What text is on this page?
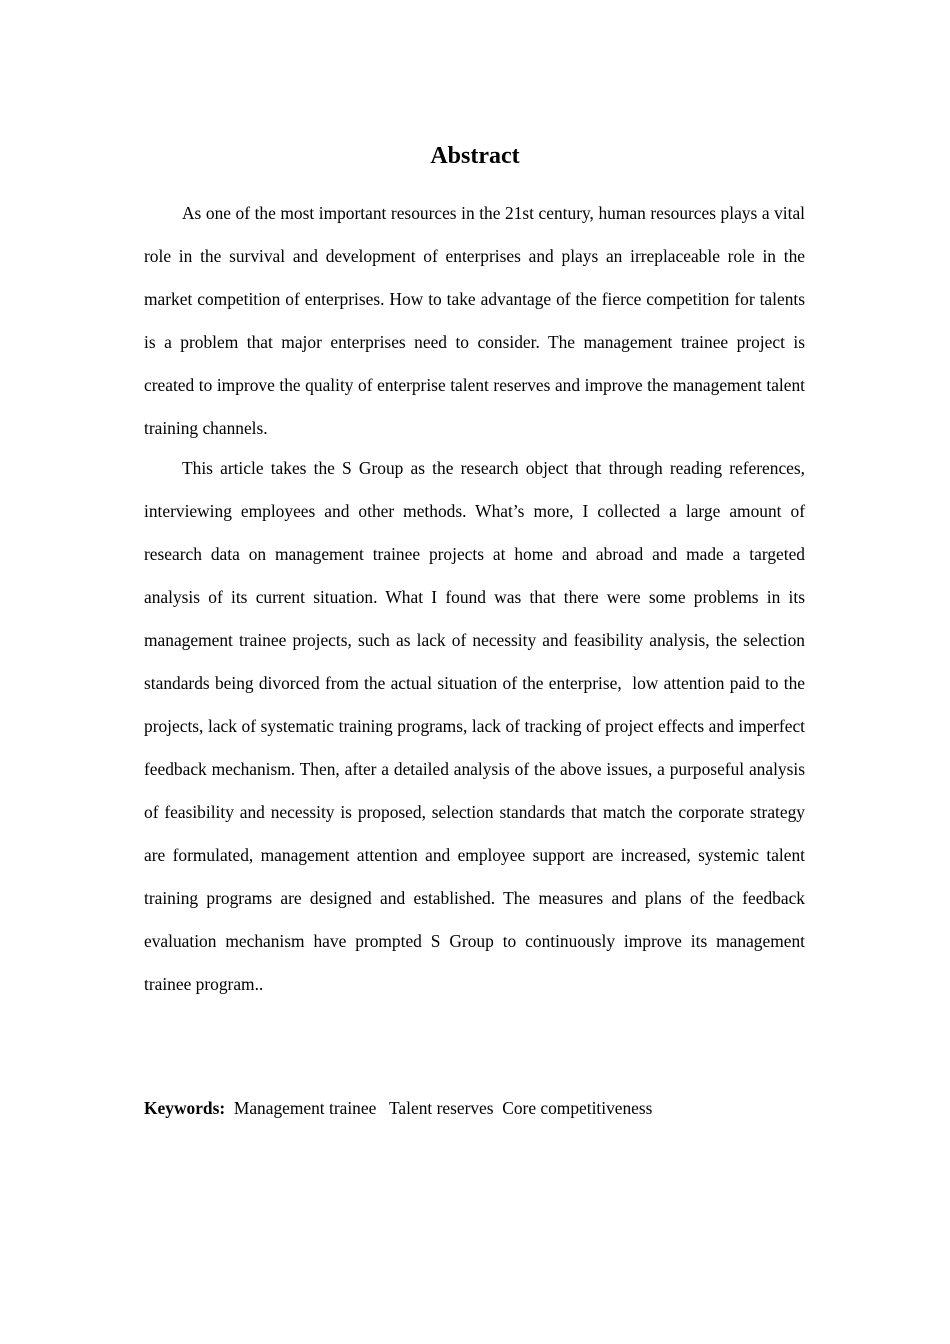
Abstract

As one of the most important resources in the 21st century, human resources plays a vital role in the survival and development of enterprises and plays an irreplaceable role in the market competition of enterprises. How to take advantage of the fierce competition for talents is a problem that major enterprises need to consider. The management trainee project is created to improve the quality of enterprise talent reserves and improve the management talent training channels.

This article takes the S Group as the research object that through reading references, interviewing employees and other methods. What’s more, I collected a large amount of research data on management trainee projects at home and abroad and made a targeted analysis of its current situation. What I found was that there were some problems in its management trainee projects, such as lack of necessity and feasibility analysis, the selection standards being divorced from the actual situation of the enterprise,  low attention paid to the projects, lack of systematic training programs, lack of tracking of project effects and imperfect feedback mechanism. Then, after a detailed analysis of the above issues, a purposeful analysis of feasibility and necessity is proposed, selection standards that match the corporate strategy are formulated, management attention and employee support are increased, systemic talent training programs are designed and established. The measures and plans of the feedback evaluation mechanism have prompted S Group to continuously improve its management trainee program..

Keywords: Management trainee   Talent reserves  Core competitiveness
